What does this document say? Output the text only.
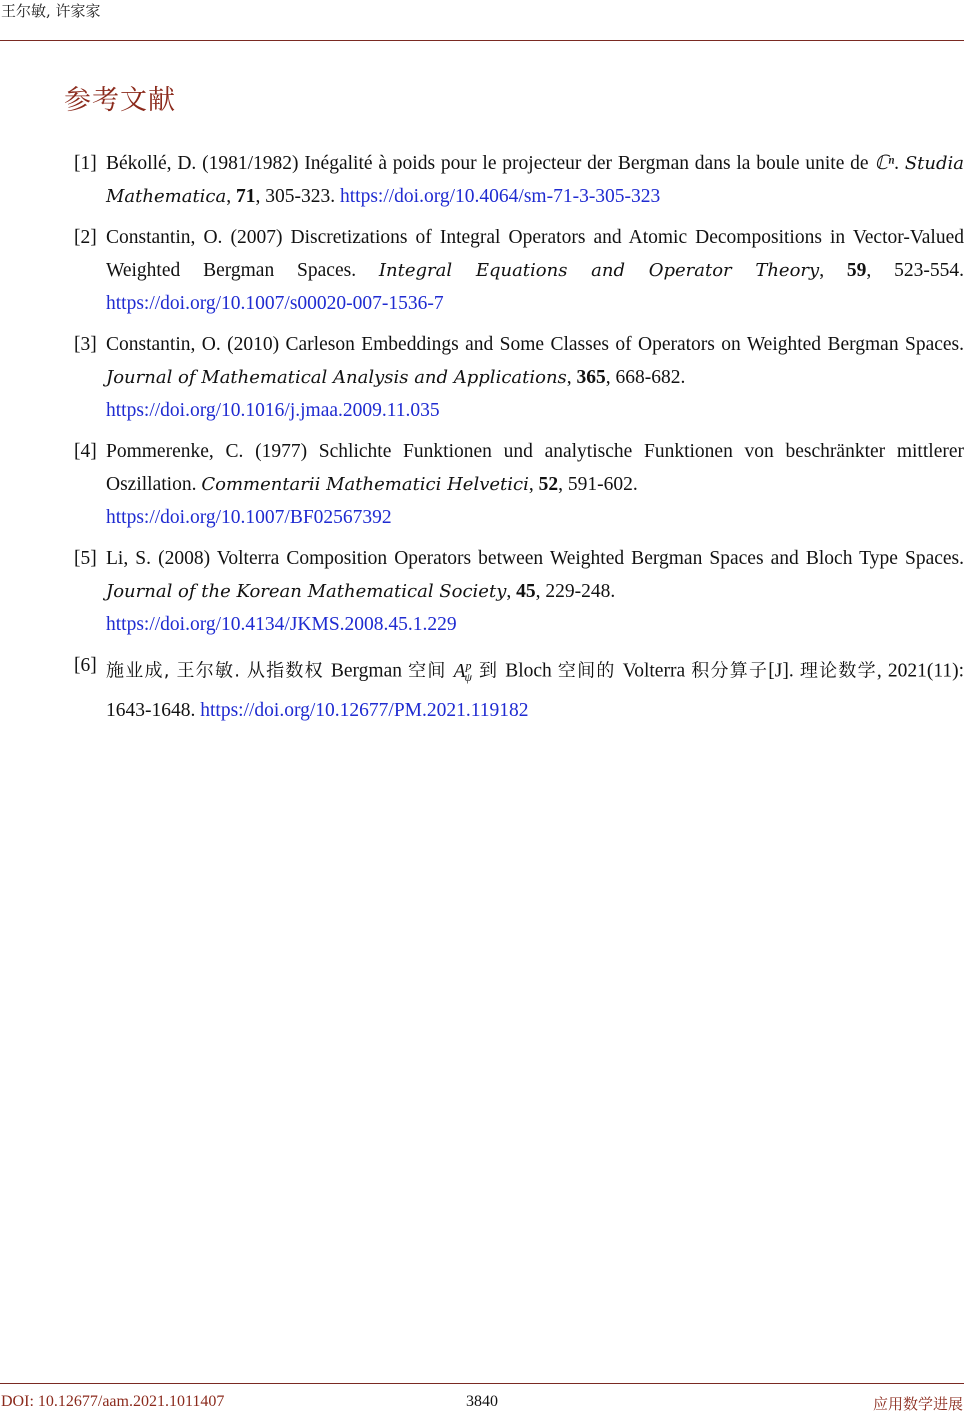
王尔敏, 许家家
参考文献
[1] Békollé, D. (1981/1982) Inégalité à poids pour le projecteur der Bergman dans la boule unite de ℂⁿ. Studia Mathematica, 71, 305-323. https://doi.org/10.4064/sm-71-3-305-323
[2] Constantin, O. (2007) Discretizations of Integral Operators and Atomic Decompositions in Vector-Valued Weighted Bergman Spaces. Integral Equations and Operator Theory, 59, 523-554. https://doi.org/10.1007/s00020-007-1536-7
[3] Constantin, O. (2010) Carleson Embeddings and Some Classes of Operators on Weighted Bergman Spaces. Journal of Mathematical Analysis and Applications, 365, 668-682.
https://doi.org/10.1016/j.jmaa.2009.11.035
[4] Pommerenke, C. (1977) Schlichte Funktionen und analytische Funktionen von beschränkter mittlerer Oszillation. Commentarii Mathematici Helvetici, 52, 591-602.
https://doi.org/10.1007/BF02567392
[5] Li, S. (2008) Volterra Composition Operators between Weighted Bergman Spaces and Bloch Type Spaces. Journal of the Korean Mathematical Society, 45, 229-248.
https://doi.org/10.4134/JKMS.2008.45.1.229
[6] 施业成, 王尔敏. 从指数权 Bergman 空间 $A^p_\psi$ 到 Bloch 空间的 Volterra 积分算子[J]. 理论数学, 2021(11): 1643-1648. https://doi.org/10.12677/PM.2021.119182
DOI: 10.12677/aam.2021.1011407	3840	应用数学进展
